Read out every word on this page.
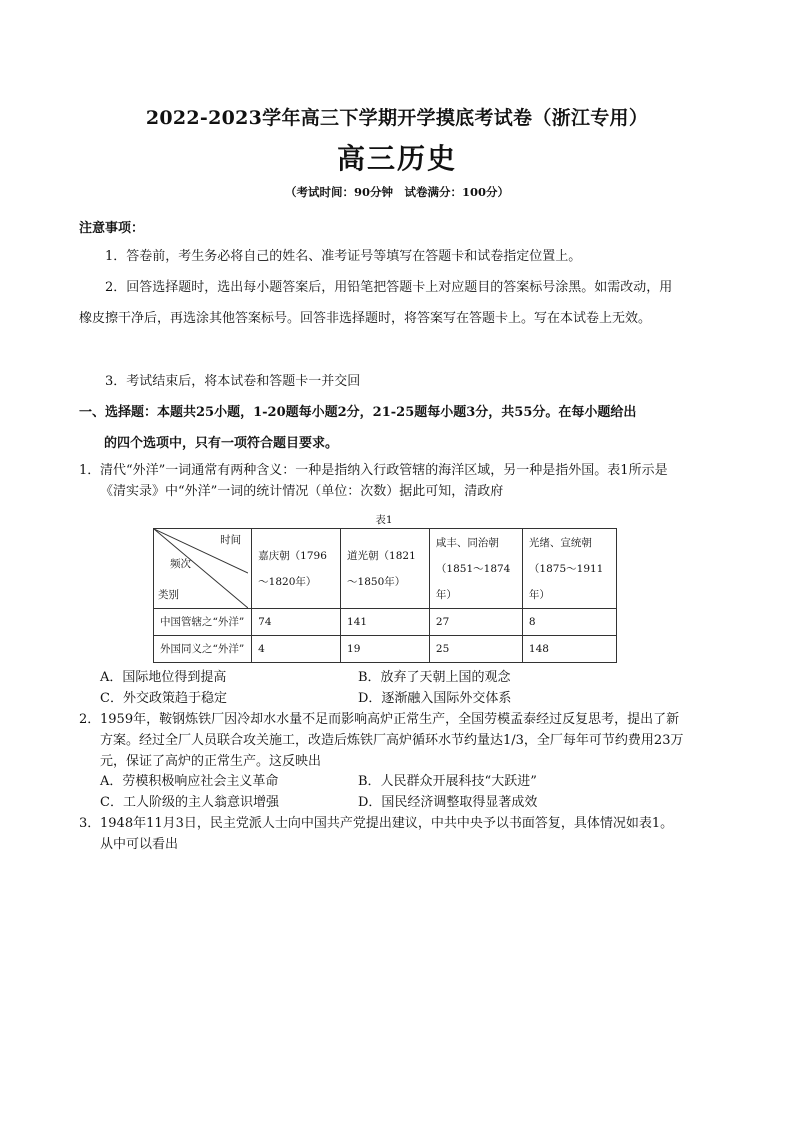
2022-2023学年高三下学期开学摸底考试卷（浙江专用）
高三历史
（考试时间：90分钟　试卷满分：100分）
注意事项：
1．答卷前，考生务必将自己的姓名、准考证号等填写在答题卡和试卷指定位置上。
2．回答选择题时，选出每小题答案后，用铅笔把答题卡上对应题目的答案标号涂黑。如需改动，用橡皮擦干净后，再选涂其他答案标号。回答非选择题时，将答案写在答题卡上。写在本试卷上无效。
3．考试结束后，将本试卷和答题卡一并交回
一、选择题：本题共25小题，1-20题每小题2分，21-25题每小题3分，共55分。在每小题给出
的四个选项中，只有一项符合题目要求。
1． 清代“外洋”一词通常有两种含义：一种是指纳入行政管辖的海洋区域，另一种是指外国。表1所示是《清实录》中“外洋”一词的统计情况（单位：次数）据此可知，清政府
表1
时间
频次
类别	嘉庆朝（1796～1820年）	道光朝（1821～1850年）	咸丰、同治朝（1851～1874年）	光绪、宣统朝（1875～1911年）
中国管辖之“外洋”	74	141	27	8
外国同义之“外洋”	4	19	25	148
A．国际地位得到提高	B．放弃了天朝上国的观念
C．外交政策趋于稳定	D．逐渐融入国际外交体系
2． 1959年，鞍钢炼铁厂因冷却水水量不足而影响高炉正常生产，全国劳模孟泰经过反复思考，提出了新方案。经过全厂人员联合攻关施工，改造后炼铁厂高炉循环水节约量达1/3，全厂每年可节约费用23万元，保证了高炉的正常生产。这反映出
A．劳模积极响应社会主义革命	B．人民群众开展科技“大跃进”
C．工人阶级的主人翁意识增强	D．国民经济调整取得显著成效
3． 1948年11月3日，民主党派人士向中国共产党提出建议，中共中央予以书面答复，具体情况如表1。从中可以看出
